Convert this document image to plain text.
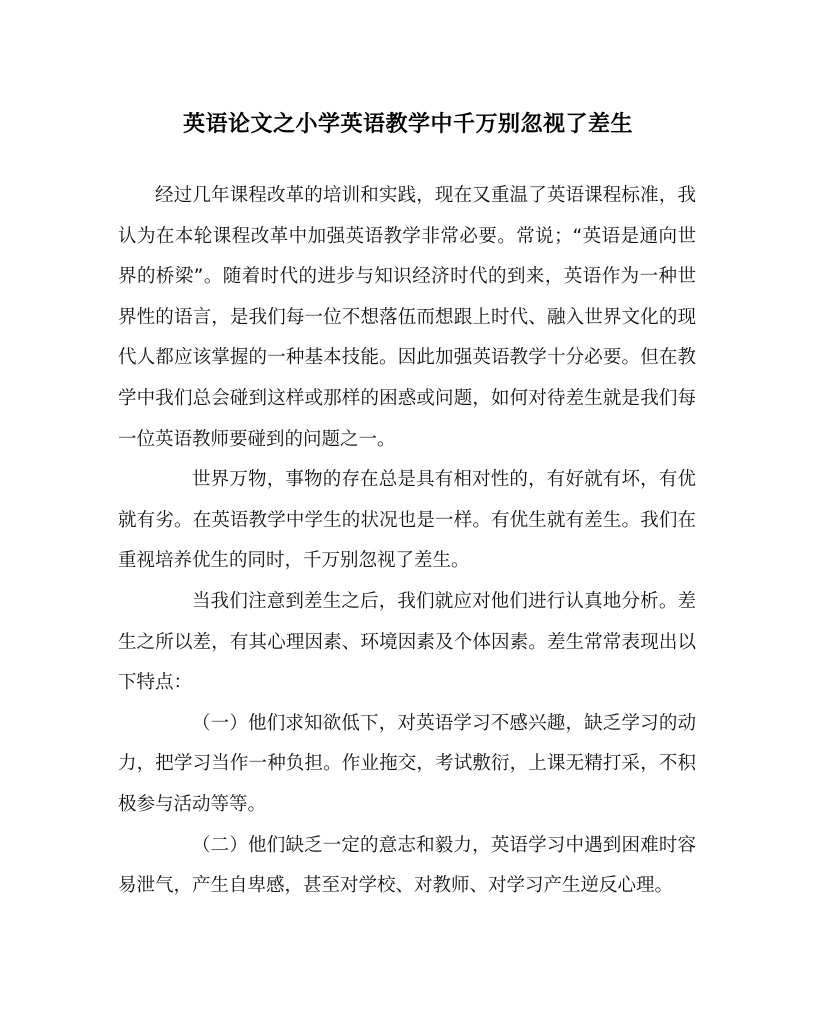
英语论文之小学英语教学中千万别忽视了差生

经过几年课程改革的培训和实践，现在又重温了英语课程标准，我认为在本轮课程改革中加强英语教学非常必要。常说；“英语是通向世界的桥梁”。随着时代的进步与知识经济时代的到来，英语作为一种世界性的语言，是我们每一位不想落伍而想跟上时代、融入世界文化的现代人都应该掌握的一种基本技能。因此加强英语教学十分必要。但在教学中我们总会碰到这样或那样的困惑或问题，如何对待差生就是我们每一位英语教师要碰到的问题之一。

世界万物，事物的存在总是具有相对性的，有好就有坏，有优就有劣。在英语教学中学生的状况也是一样。有优生就有差生。我们在重视培养优生的同时，千万别忽视了差生。

当我们注意到差生之后，我们就应对他们进行认真地分析。差生之所以差，有其心理因素、环境因素及个体因素。差生常常表现出以下特点：

（一）他们求知欲低下，对英语学习不感兴趣，缺乏学习的动力，把学习当作一种负担。作业拖交，考试敷衍，上课无精打采，不积极参与活动等等。

（二）他们缺乏一定的意志和毅力，英语学习中遇到困难时容易泄气，产生自卑感，甚至对学校、对教师、对学习产生逆反心理。
